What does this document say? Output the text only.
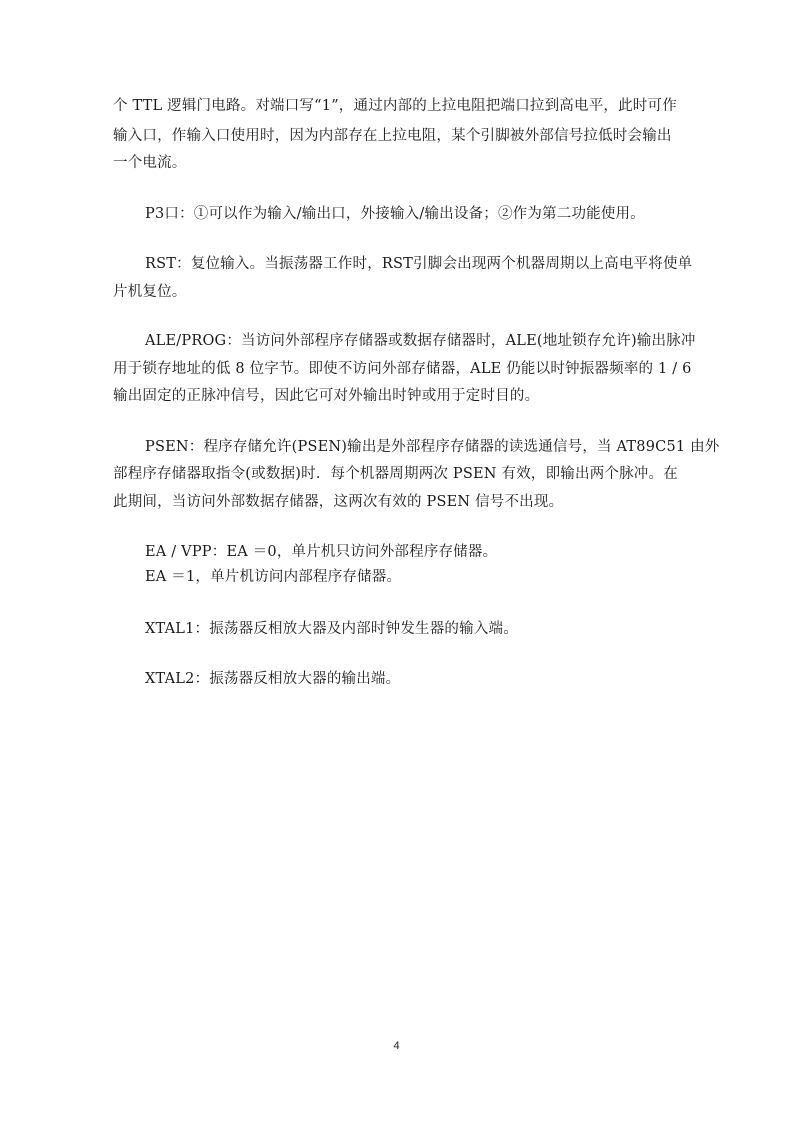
个 TTL 逻辑门电路。对端口写“1”，通过内部的上拉电阻把端口拉到高电平，此时可作
输入口，作输入口使用时，因为内部存在上拉电阻，某个引脚被外部信号拉低时会输出
一个电流。
P3口：①可以作为输入/输出口，外接输入/输出设备；②作为第二功能使用。
RST：复位输入。当振荡器工作时，RST引脚会出现两个机器周期以上高电平将使单
片机复位。
ALE/PROG：当访问外部程序存储器或数据存储器时，ALE(地址锁存允许)输出脉冲
用于锁存地址的低 8 位字节。即使不访问外部存储器，ALE 仍能以时钟振器频率的 1 / 6
输出固定的正脉冲信号，因此它可对外输出时钟或用于定时目的。
PSEN：程序存储允许(PSEN)输出是外部程序存储器的读选通信号，当 AT89C51 由外
部程序存储器取指令(或数据)时．每个机器周期两次 PSEN 有效，即输出两个脉冲。在
此期间，当访问外部数据存储器，这两次有效的 PSEN 信号不出现。
EA / VPP：EA ＝0，单片机只访问外部程序存储器。
EA ＝1，单片机访问内部程序存储器。
XTAL1：振荡器反相放大器及内部时钟发生器的输入端。
XTAL2：振荡器反相放大器的输出端。
4
